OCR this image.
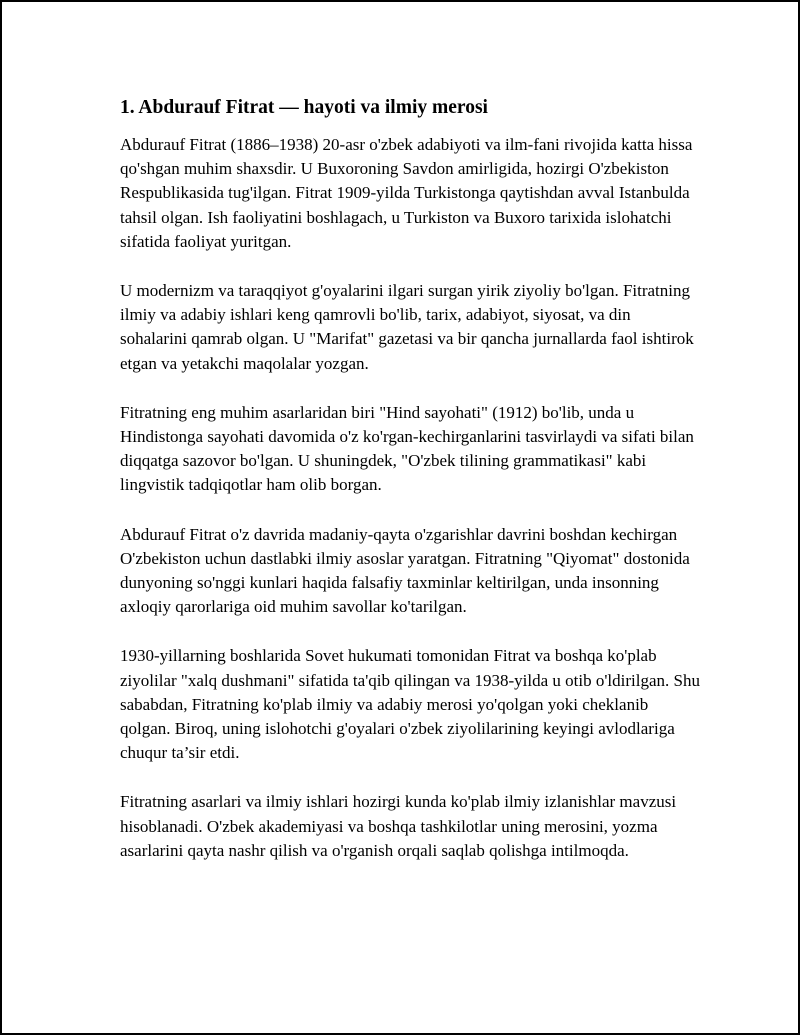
1. Abdurauf Fitrat — hayoti va ilmiy merosi

Abdurauf Fitrat (1886–1938) 20-asr o'zbek adabiyoti va ilm-fani rivojida katta hissa qo'shgan muhim shaxsdir. U Buxoroning Savdon amirligida, hozirgi O'zbekiston Respublikasida tug'ilgan. Fitrat 1909-yilda Turkistonga qaytishdan avval Istanbulda tahsil olgan. Ish faoliyatini boshlagach, u Turkiston va Buxoro tarixida islohatchi sifatida faoliyat yuritgan.

U modernizm va taraqqiyot g'oyalarini ilgari surgan yirik ziyoliy bo'lgan. Fitratning ilmiy va adabiy ishlari keng qamrovli bo'lib, tarix, adabiyot, siyosat, va din sohalarini qamrab olgan. U "Marifat" gazetasi va bir qancha jurnallarda faol ishtirok etgan va yetakchi maqolalar yozgan.

Fitratning eng muhim asarlaridan biri "Hind sayohati" (1912) bo'lib, unda u Hindistonga sayohati davomida o'z ko'rgan-kechirganlarini tasvirlaydi va sifati bilan diqqatga sazovor bo'lgan. U shuningdek, "O'zbek tilining grammatikasi" kabi lingvistik tadqiqotlar ham olib borgan.

Abdurauf Fitrat o'z davrida madaniy-qayta o'zgarishlar davrini boshdan kechirgan O'zbekiston uchun dastlabki ilmiy asoslar yaratgan. Fitratning "Qiyomat" dostonida dunyoning so'nggi kunlari haqida falsafiy taxminlar keltirilgan, unda insonning axloqiy qarorlariga oid muhim savollar ko'tarilgan.

1930-yillarning boshlarida Sovet hukumati tomonidan Fitrat va boshqa ko'plab ziyolilar "xalq dushmani" sifatida ta'qib qilingan va 1938-yilda u otib o'ldirilgan. Shu sababdan, Fitratning ko'plab ilmiy va adabiy merosi yo'qolgan yoki cheklanib qolgan. Biroq, uning islohotchi g'oyalari o'zbek ziyolilarining keyingi avlodlariga chuqur ta’sir etdi.

Fitratning asarlari va ilmiy ishlari hozirgi kunda ko'plab ilmiy izlanishlar mavzusi hisoblanadi. O'zbek akademiyasi va boshqa tashkilotlar uning merosini, yozma asarlarini qayta nashr qilish va o'rganish orqali saqlab qolishga intilmoqda.
